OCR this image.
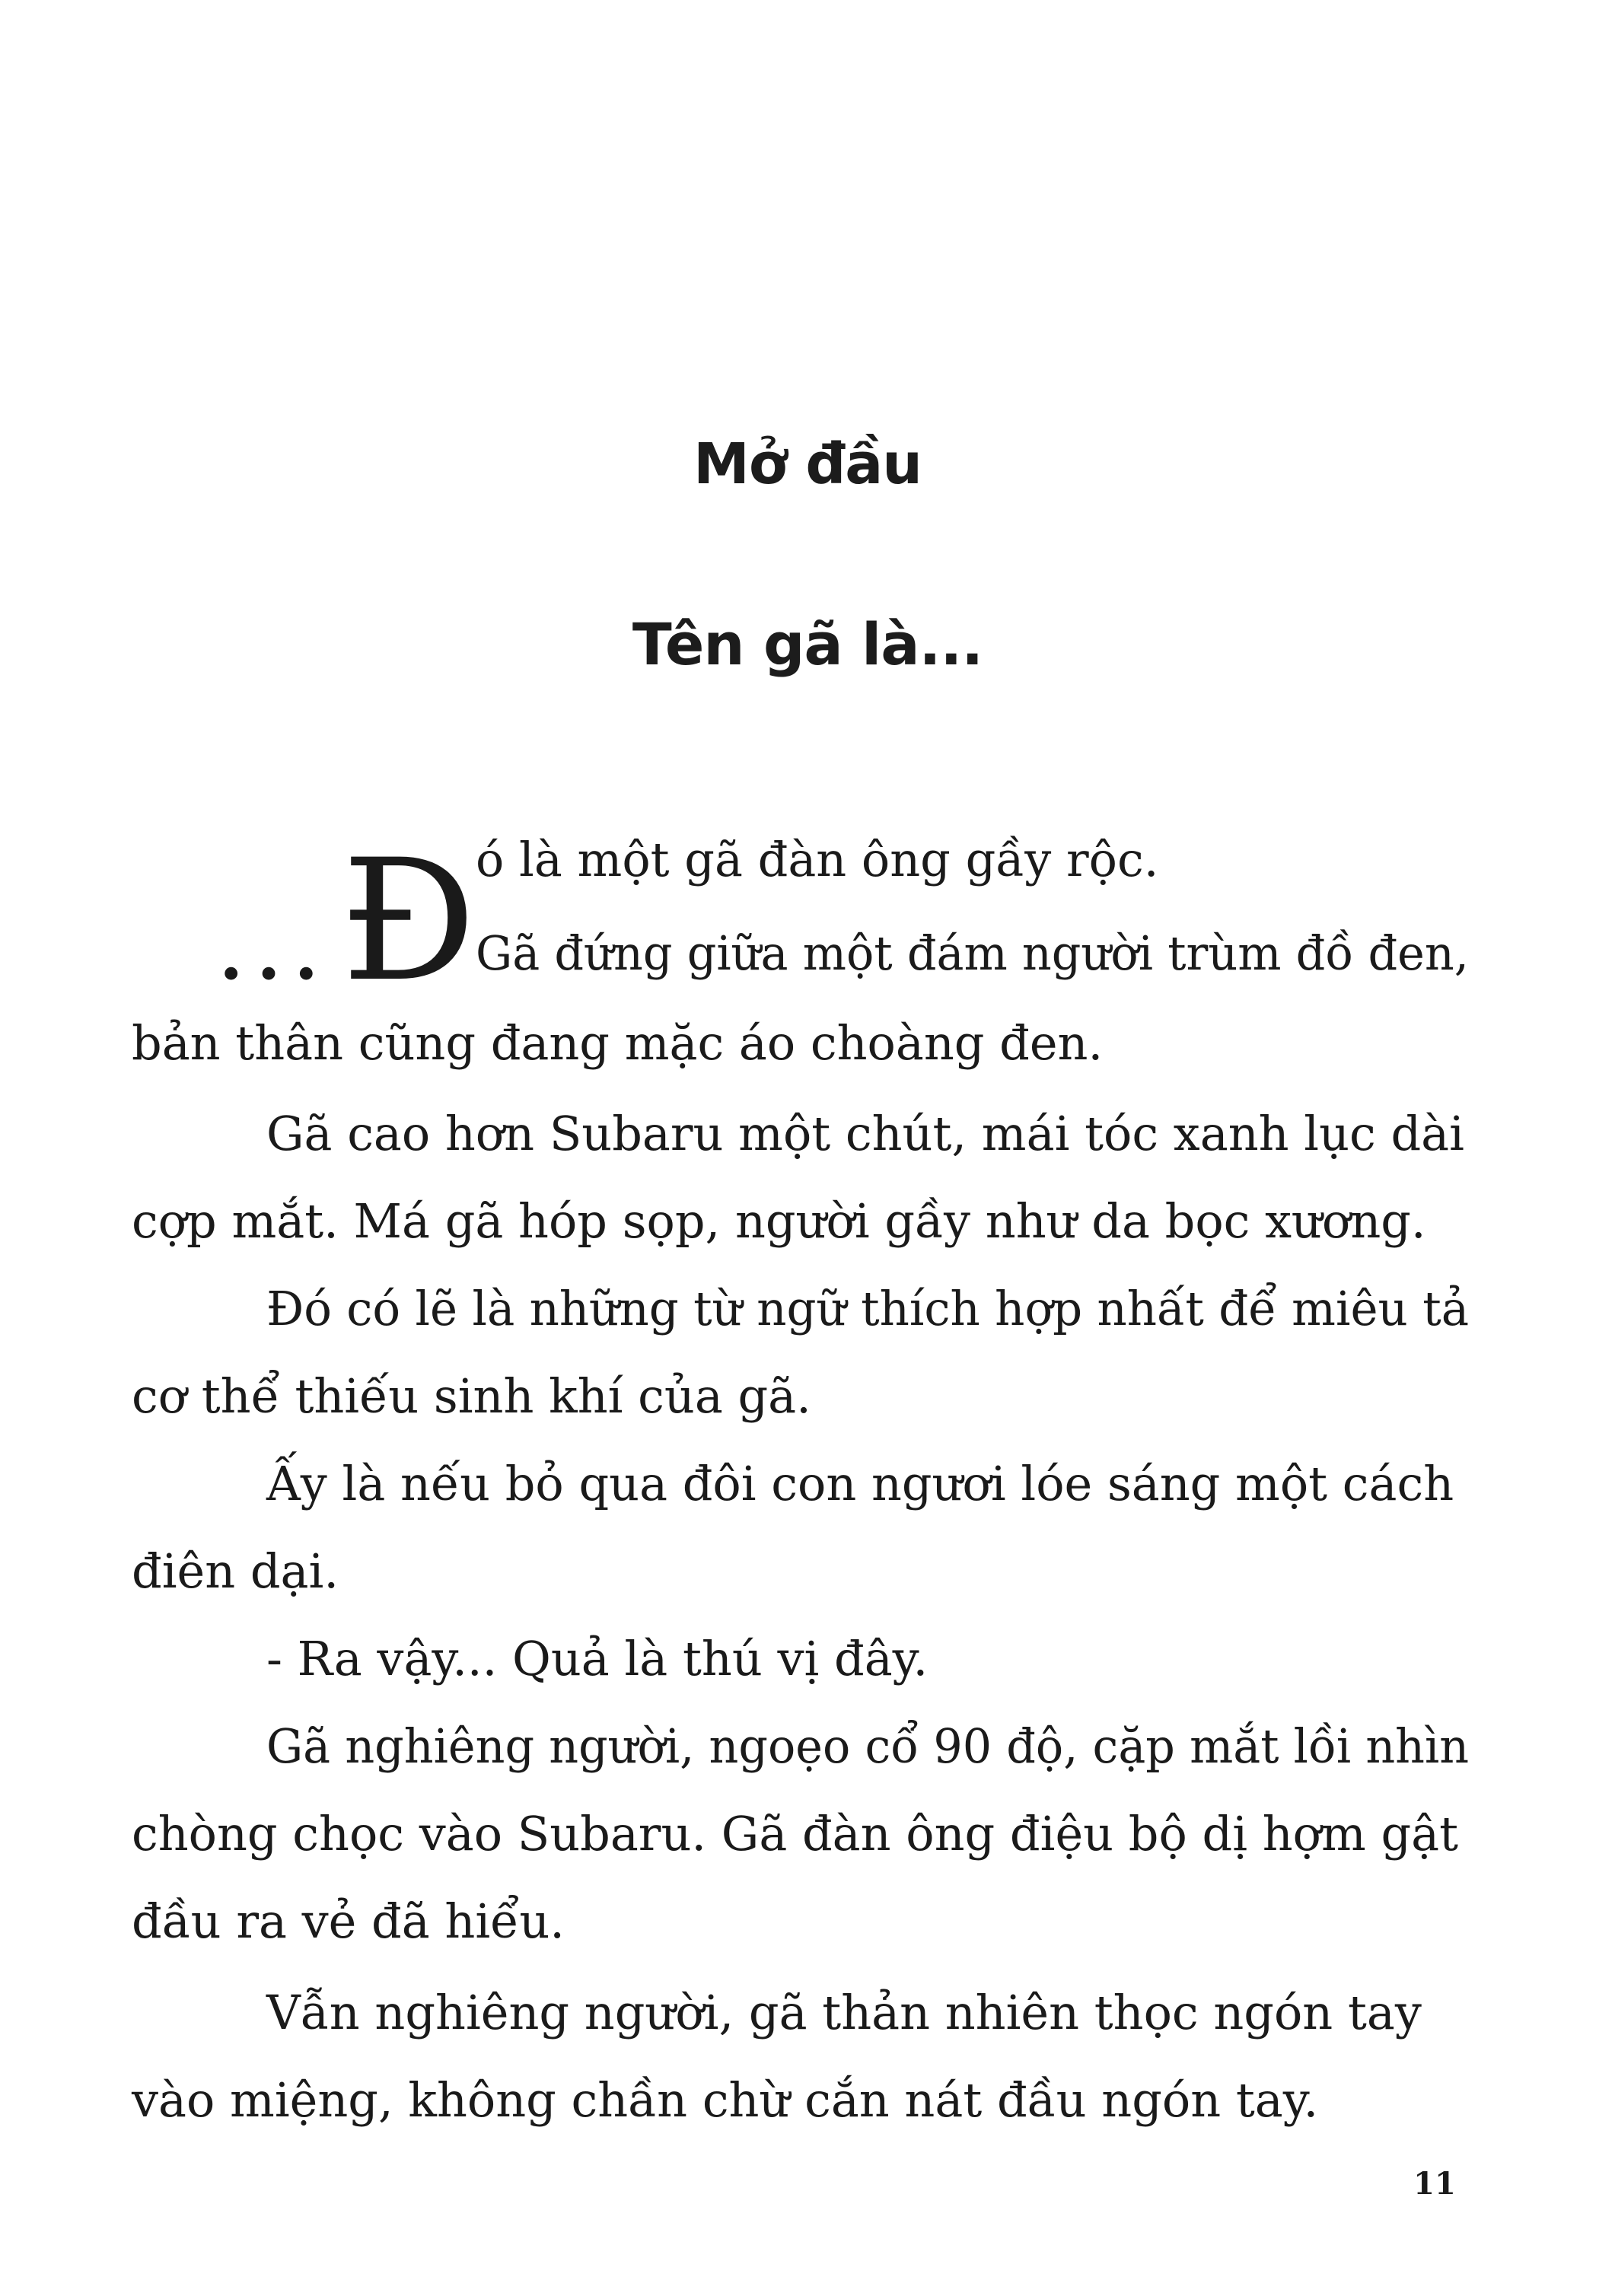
Mở đầu
Tên gã là...
... Đ ó là một gã đàn ông gầy rộc.
Gã đứng giữa một đám người trùm đồ đen,
bản thân cũng đang mặc áo choàng đen.
Gã cao hơn Subaru một chút, mái tóc xanh lục dài
cợp mắt. Má gã hóp sọp, người gầy như da bọc xương.
Đó có lẽ là những từ ngữ thích hợp nhất để miêu tả
cơ thể thiếu sinh khí của gã.
Ấy là nếu bỏ qua đôi con ngươi lóe sáng một cách
điên dại.
- Ra vậy... Quả là thú vị đây.
Gã nghiêng người, ngoẹo cổ 90 độ, cặp mắt lồi nhìn
chòng chọc vào Subaru. Gã đàn ông điệu bộ dị hợm gật
đầu ra vẻ đã hiểu.
Vẫn nghiêng người, gã thản nhiên thọc ngón tay
vào miệng, không chần chừ cắn nát đầu ngón tay.
11
